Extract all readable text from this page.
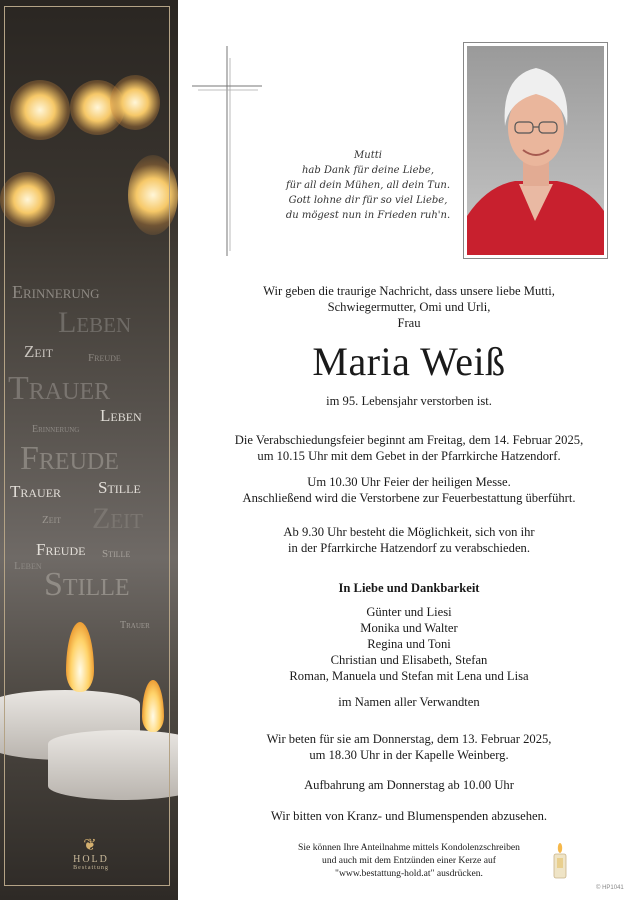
Erinnerung
Leben
Zeit	Freude
Trauer
Leben
Erinnerung
Freude
Trauer Stille
Zeit Zeit
Freude Stille
Leben Stille
Trauer
❦
HOLD
Bestattung
Mutti
hab Dank für deine Liebe,
für all dein Mühen, all dein Tun.
Gott lohne dir für so viel Liebe,
du mögest nun in Frieden ruh'n.
Wir geben die traurige Nachricht, dass unsere liebe Mutti,
Schwiegermutter, Omi und Urli,
Frau
Maria Weiß
im 95. Lebensjahr verstorben ist.
Die Verabschiedungsfeier beginnt am Freitag, dem 14. Februar 2025,
um 10.15 Uhr mit dem Gebet in der Pfarrkirche Hatzendorf.
Um 10.30 Uhr Feier der heiligen Messe.
Anschließend wird die Verstorbene zur Feuerbestattung überführt.
Ab 9.30 Uhr besteht die Möglichkeit, sich von ihr
in der Pfarrkirche Hatzendorf zu verabschieden.
In Liebe und Dankbarkeit
Günter und Liesi
Monika und Walter
Regina und Toni
Christian und Elisabeth, Stefan
Roman, Manuela und Stefan mit Lena und Lisa
im Namen aller Verwandten
Wir beten für sie am Donnerstag, dem 13. Februar 2025,
um 18.30 Uhr in der Kapelle Weinberg.
Aufbahrung am Donnerstag ab 10.00 Uhr
Wir bitten von Kranz- und Blumenspenden abzusehen.
Sie können Ihre Anteilnahme mittels Kondolenzschreiben
und auch mit dem Entzünden einer Kerze auf
"www.bestattung-hold.at" ausdrücken.
© HP1041
